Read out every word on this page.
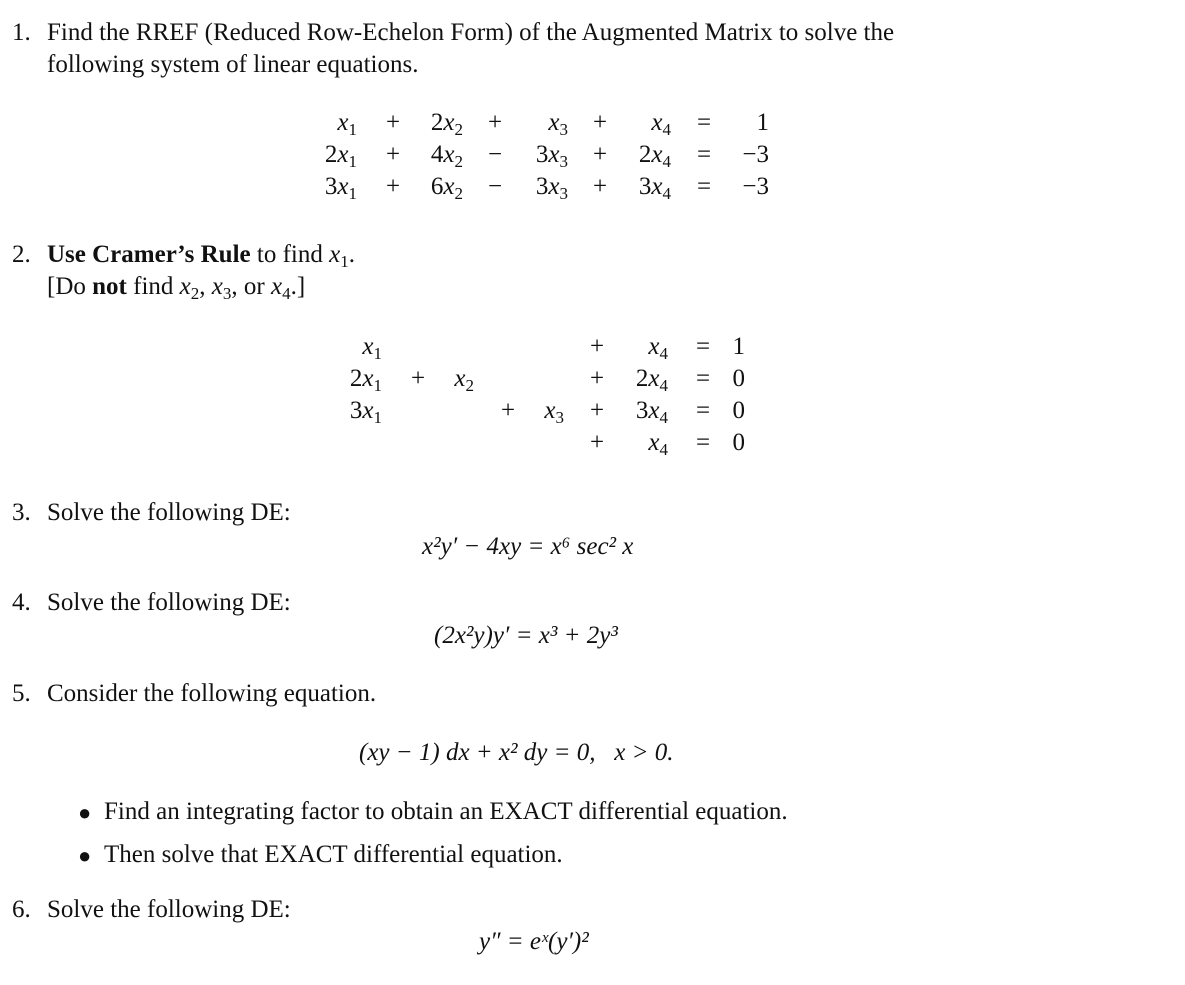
1. Find the RREF (Reduced Row-Echelon Form) of the Augmented Matrix to solve the
following system of linear equations.
$x_1 + 2x_2 + x_3 + x_4 = 1$
$2x_1 + 4x_2 - 3x_3 + 2x_4 = -3$
$3x_1 + 6x_2 - 3x_3 + 3x_4 = -3$
2. Use Cramer’s Rule to find $x_1$.
[Do not find $x_2$, $x_3$, or $x_4$.]
$x_1$	+ $x_4 = 1$
$2x_1 + x_2$	+ $2x_4 = 0$
$3x_1$	+ $x_3 + 3x_4 = 0$
+ $x_4 = 0$
3. Solve the following DE:
x²y′ − 4xy = x⁶ sec² x
4. Solve the following DE:
(2x²y)y′ = x³ + 2y³
5. Consider the following equation.
(xy − 1) dx + x² dy = 0,   x > 0.
● Find an integrating factor to obtain an EXACT differential equation.
● Then solve that EXACT differential equation.
6. Solve the following DE:
y″ = eˣ(y′)²
